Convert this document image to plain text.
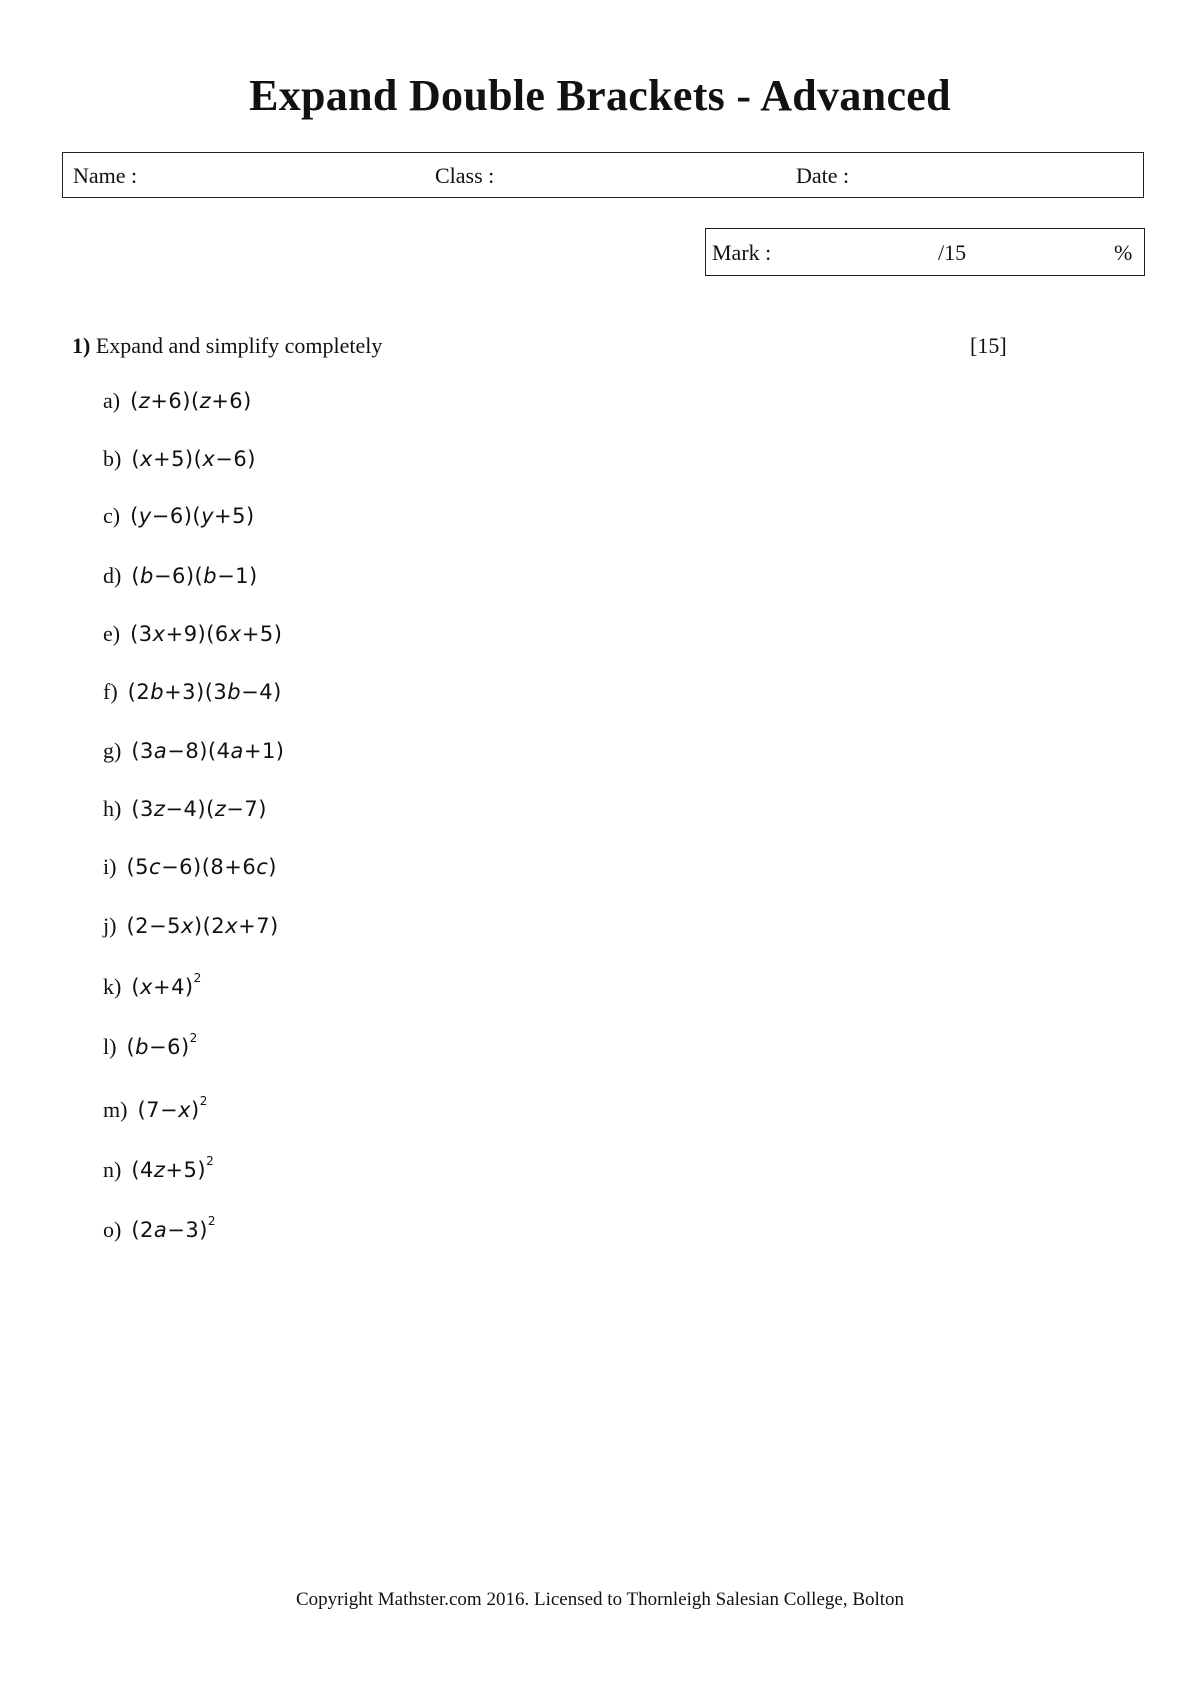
Expand Double Brackets - Advanced
Name :	Class :	Date :
Mark :	/15	%
1) Expand and simplify completely	[15]
a) (z+6)(z+6)
b) (x+5)(x−6)
c) (y−6)(y+5)
d) (b−6)(b−1)
e) (3x+9)(6x+5)
f) (2b+3)(3b−4)
g) (3a−8)(4a+1)
h) (3z−4)(z−7)
i) (5c−6)(8+6c)
j) (2−5x)(2x+7)
k) $(x+4)^2$
l) $(b-6)^2$
m) $(7-x)^2$
n) $(4z+5)^2$
o) $(2a-3)^2$
Copyright Mathster.com 2016. Licensed to Thornleigh Salesian College, Bolton
